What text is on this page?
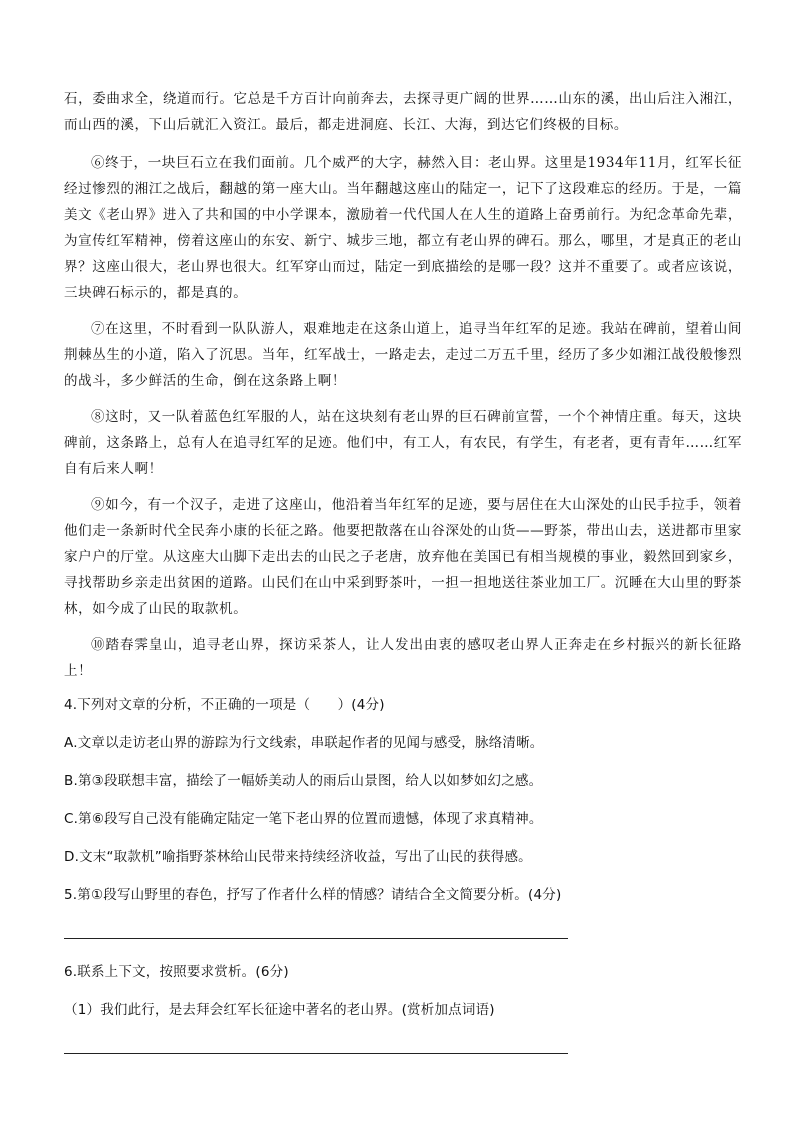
石，委曲求全，绕道而行。它总是千方百计向前奔去，去探寻更广阔的世界……山东的溪，出山后注入湘江，而山西的溪，下山后就汇入资江。最后，都走进洞庭、长江、大海，到达它们终极的目标。

⑥终于，一块巨石立在我们面前。几个威严的大字，赫然入目：老山界。这里是1934年11月，红军长征经过惨烈的湘江之战后，翻越的第一座大山。当年翻越这座山的陆定一，记下了这段难忘的经历。于是，一篇美文《老山界》进入了共和国的中小学课本，激励着一代代国人在人生的道路上奋勇前行。为纪念革命先辈，为宣传红军精神，傍着这座山的东安、新宁、城步三地，都立有老山界的碑石。那么，哪里，才是真正的老山界？这座山很大，老山界也很大。红军穿山而过，陆定一到底描绘的是哪一段？这并不重要了。或者应该说，三块碑石标示的，都是真的。

⑦在这里，不时看到一队队游人，艰难地走在这条山道上，追寻当年红军的足迹。我站在碑前，望着山间荆棘丛生的小道，陷入了沉思。当年，红军战士，一路走去，走过二万五千里，经历了多少如湘江战役般惨烈的战斗，多少鲜活的生命，倒在这条路上啊！

⑧这时，又一队着蓝色红军服的人，站在这块刻有老山界的巨石碑前宣誓，一个个神情庄重。每天，这块碑前，这条路上，总有人在追寻红军的足迹。他们中，有工人，有农民，有学生，有老者，更有青年……红军自有后来人啊！

⑨如今，有一个汉子，走进了这座山，他沿着当年红军的足迹，要与居住在大山深处的山民手拉手，领着他们走一条新时代全民奔小康的长征之路。他要把散落在山谷深处的山货——野茶，带出山去，送进都市里家家户户的厅堂。从这座大山脚下走出去的山民之子老唐，放弃他在美国已有相当规模的事业，毅然回到家乡，寻找帮助乡亲走出贫困的道路。山民们在山中采到野茶叶，一担一担地送往茶业加工厂。沉睡在大山里的野茶林，如今成了山民的取款机。

⑩踏春霁皇山，追寻老山界，探访采茶人，让人发出由衷的感叹老山界人正奔走在乡村振兴的新长征路上！

4.下列对文章的分析，不正确的一项是（　　）(4分)

A.文章以走访老山界的游踪为行文线索，串联起作者的见闻与感受，脉络清晰。

B.第③段联想丰富，描绘了一幅娇美动人的雨后山景图，给人以如梦如幻之感。

C.第⑥段写自己没有能确定陆定一笔下老山界的位置而遗憾，体现了求真精神。

D.文末“取款机”喻指野茶林给山民带来持续经济收益，写出了山民的获得感。

5.第①段写山野里的春色，抒写了作者什么样的情感？请结合全文简要分析。(4分)

6.联系上下文，按照要求赏析。(6分)

（1）我们此行，是去拜会红军长征途中著名的老山界。(赏析加点词语)
